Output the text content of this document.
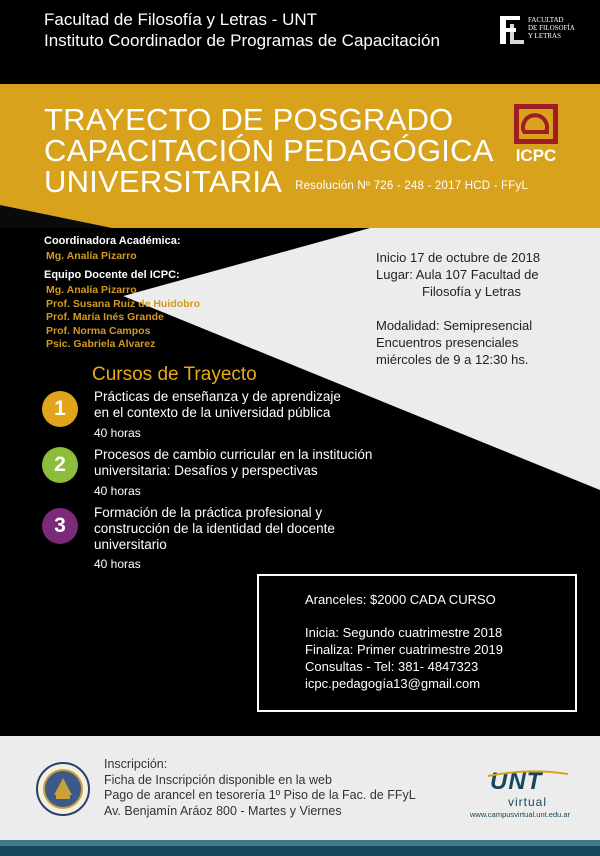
Facultad de Filosofía y Letras - UNT
Instituto Coordinador de Programas de Capacitación
FACULTAD
DE FILOSOFÍA
Y LETRAS
TRAYECTO DE POSGRADO
CAPACITACIÓN PEDAGÓGICA
UNIVERSITARIA Resolución Nº 726 - 248 - 2017 HCD - FFyL
ICPC
Coordinadora Académica:
Mg. Analía Pizarro
Equipo Docente del ICPC:
Mg. Analía Pizarro
Prof. Susana Ruiz de Huidobro
Prof. María Inés Grande
Prof. Norma Campos
Psic. Gabriela Alvarez
Inicio 17 de octubre de 2018
Lugar: Aula 107 Facultad de
Filosofía y Letras
Modalidad: Semipresencial
Encuentros presenciales
miércoles de 9 a 12:30 hs.
Cursos de Trayecto
1
Prácticas de enseñanza y de aprendizaje
en el contexto de la universidad pública
40 horas
2	Procesos de cambio curricular en la institución
universitaria: Desafíos y perspectivas
40 horas
3
Formación de la práctica profesional y
construcción de la identidad del docente
universitario
40 horas
Aranceles: $2000 CADA CURSO
Inicia: Segundo cuatrimestre 2018
Finaliza: Primer cuatrimestre 2019
Consultas - Tel: 381- 4847323
icpc.pedagogía13@gmail.com
Inscripción:
Ficha de Inscripción disponible en la web
Pago de arancel en tesorería 1º Piso de la Fac. de FFyL
Av. Benjamín Aráoz 800 - Martes y Viernes
UNT
virtual
www.campusvirtual.unt.edu.ar
